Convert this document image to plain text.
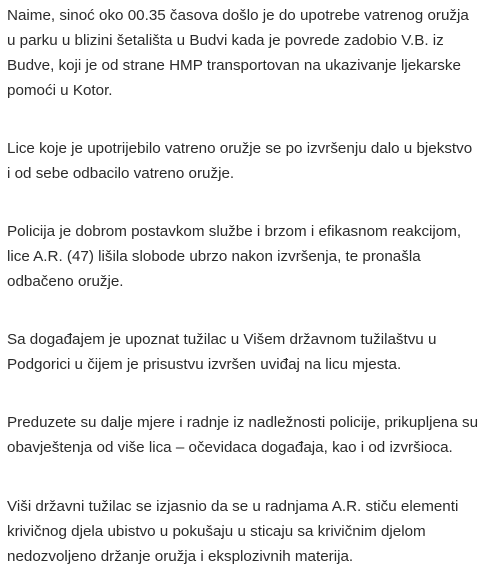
Naime, sinoć oko 00.35 časova došlo je do upotrebe vatrenog oružja
u parku u blizini šetališta u Budvi kada je povrede zadobio V.B. iz
Budve, koji je od strane HMP transportovan na ukazivanje ljekarske
pomoći u Kotor.

Lice koje je upotrijebilo vatreno oružje se po izvršenju dalo u bjekstvo
i od sebe odbacilo vatreno oružje.

Policija je dobrom postavkom službe i brzom i efikasnom reakcijom,
lice A.R. (47) lišila slobode ubrzo nakon izvršenja, te pronašla
odbačeno oružje.

Sa događajem je upoznat tužilac u Višem državnom tužilaštvu u
Podgorici u čijem je prisustvu izvršen uviđaj na licu mjesta.

Preduzete su dalje mjere i radnje iz nadležnosti policije, prikupljena su
obavještenja od više lica – očevidaca događaja, kao i od izvršioca.

Viši državni tužilac se izjasnio da se u radnjama A.R. stiču elementi
krivičnog djela ubistvo u pokušaju u sticaju sa krivičnim djelom
nedozvoljeno držanje oružja i eksplozivnih materija.
